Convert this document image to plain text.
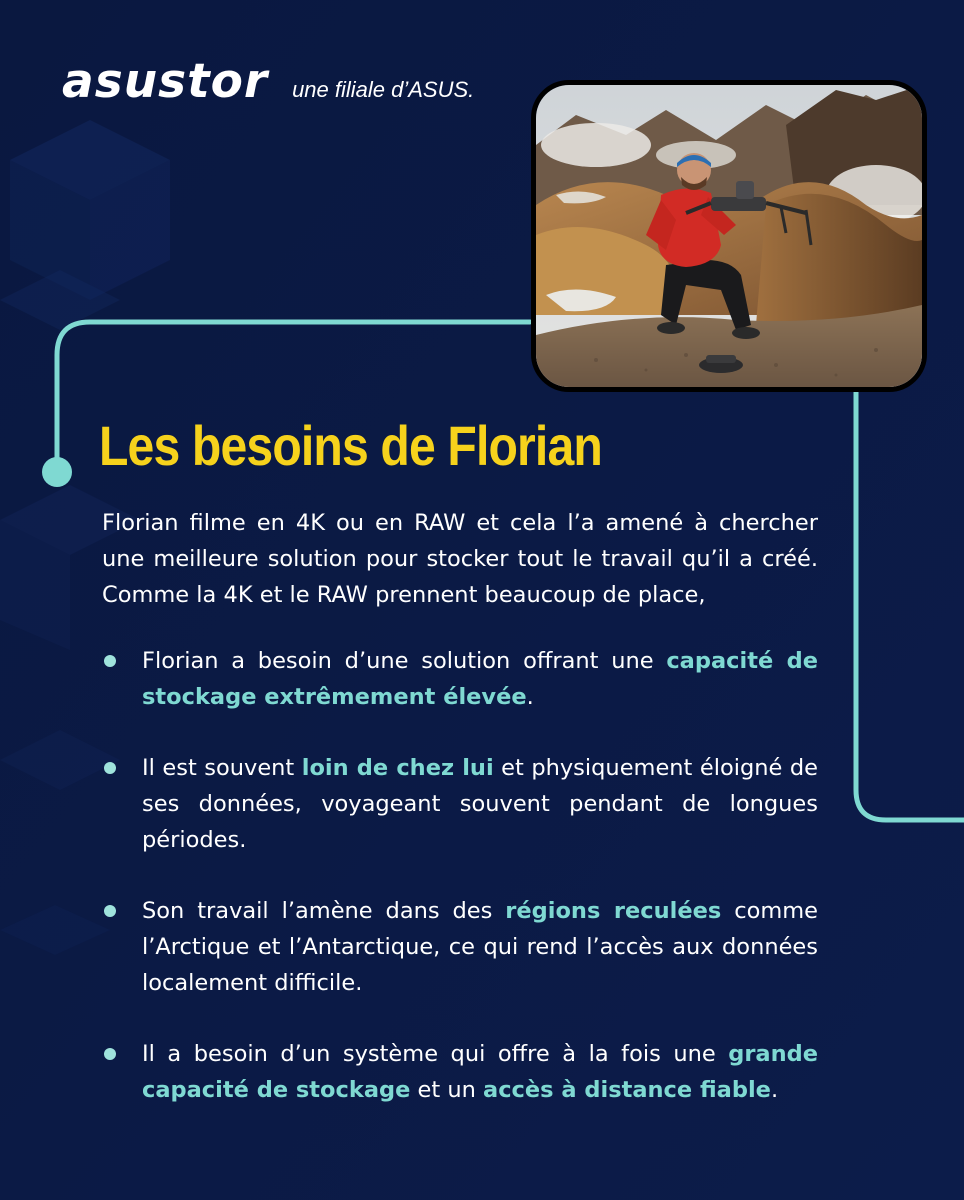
asustor une filiale d’ASUS.
Les besoins de Florian

Florian filme en 4K ou en RAW et cela l’a amené à chercher une meilleure solution pour stocker tout le travail qu’il a créé. Comme la 4K et le RAW prennent beaucoup de place,

Florian a besoin d’une solution offrant une capacité de stockage extrêmement élevée.
Il est souvent loin de chez lui et physiquement éloigné de ses données, voyageant souvent pendant de longues périodes.
Son travail l’amène dans des régions reculées comme l’Arctique et l’Antarctique, ce qui rend l’accès aux données localement difficile.
Il a besoin d’un système qui offre à la fois une grande capacité de stockage et un accès à distance fiable.
